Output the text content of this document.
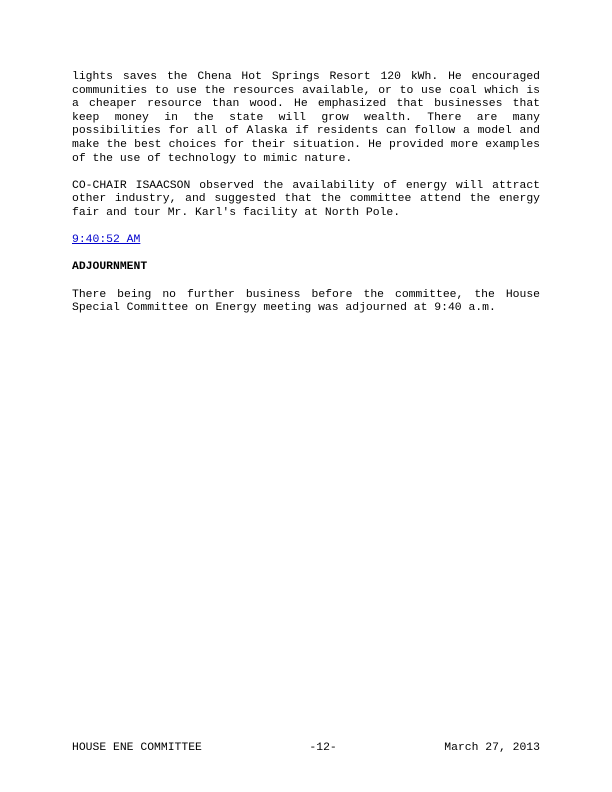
lights saves the Chena Hot Springs Resort 120 kWh. He encouraged communities to use the resources available, or to use coal which is a cheaper resource than wood. He emphasized that businesses that keep money in the state will grow wealth. There are many possibilities for all of Alaska if residents can follow a model and make the best choices for their situation. He provided more examples of the use of technology to mimic nature.

CO-CHAIR ISAACSON observed the availability of energy will attract other industry, and suggested that the committee attend the energy fair and tour Mr. Karl's facility at North Pole.

9:40:52 AM

ADJOURNMENT

There being no further business before the committee, the House Special Committee on Energy meeting was adjourned at 9:40 a.m.

HOUSE ENE COMMITTEE	-12-	March 27, 2013
